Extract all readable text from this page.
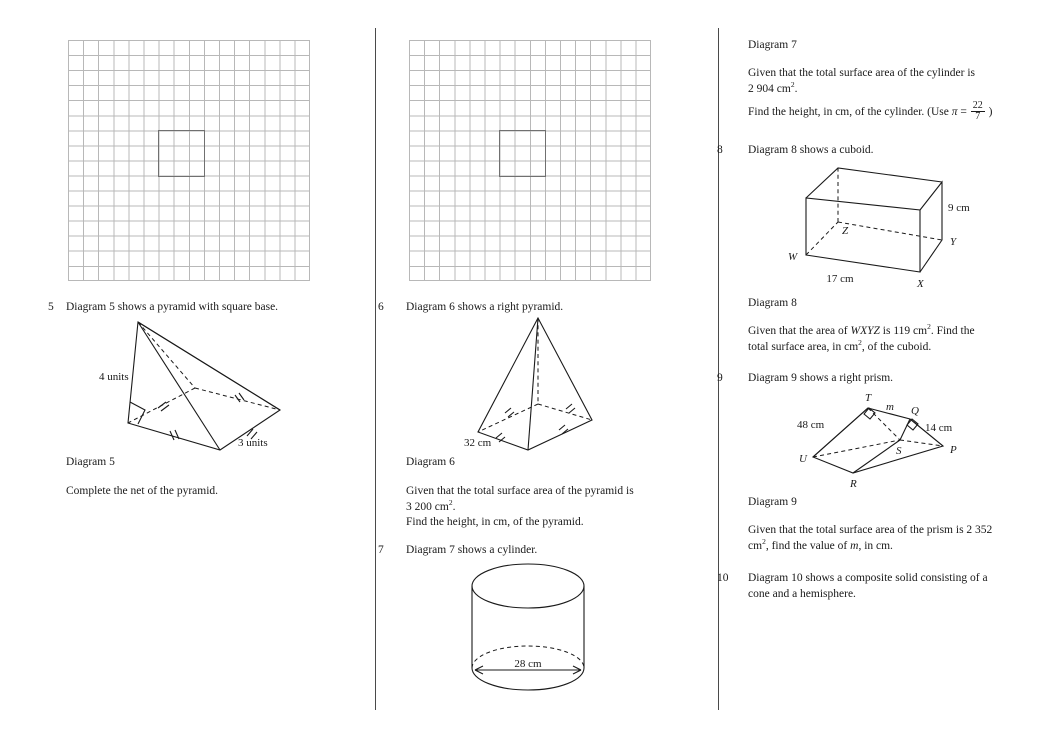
5 Diagram 5 shows a pyramid with square base.
4 units
3 units
Diagram 5
Complete the net of the pyramid.
6 Diagram 6 shows a right pyramid.
32 cm
Diagram 6

Given that the total surface area of the pyramid is

3 200 $cm^2$.

Find the height, in cm, of the pyramid.

7 Diagram 7 shows a cylinder.
28 cm
Diagram 7

Given that the total surface area of the cylinder is

2 904 $cm^2$.

Find the height, in cm, of the cylinder. (Use $\pi = \frac{22}{7}$ )

8 Diagram 8 shows a cuboid.
W
X
Y
Z
9 cm
17 cm
Diagram 8

Given that the area of WXYZ is 119 $cm^2$. Find the

total surface area, in $cm^2$, of the cuboid.

9 Diagram 9 shows a right prism.
T
Q
S	P
R
U
m
48 cm	14 cm
Diagram 9

Given that the total surface area of the prism is 2 352

$cm^2$, find the value of m, in cm.

10 Diagram 10 shows a composite solid consisting of a

cone and a hemisphere.
